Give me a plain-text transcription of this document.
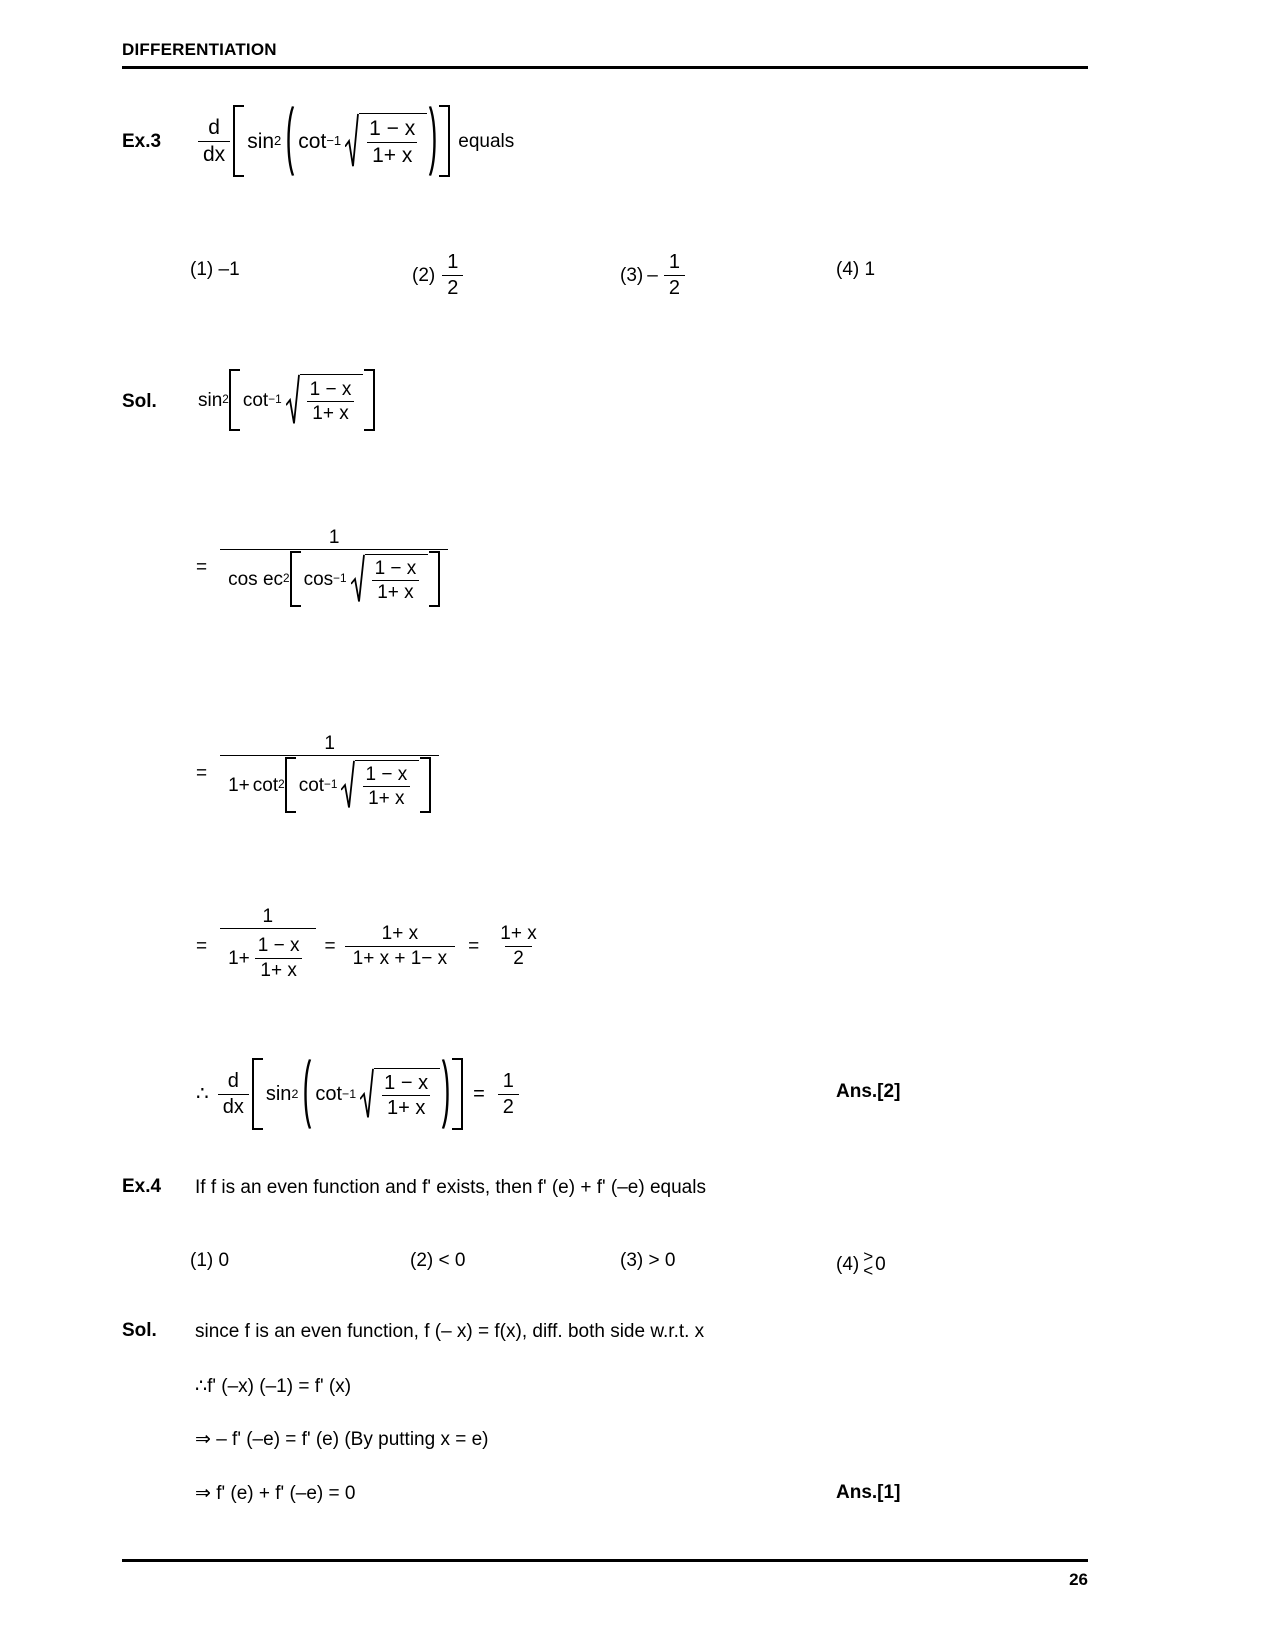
DIFFERENTIATION
$Ex.3 \frac{d}{dx}$ sin 2 $\cot -1 \frac{1 - x}{1+ x}$ equals
(1) –1	$(2) \frac{1}{2}$	$(3) - \frac{1}{2}$	(4) 1
Sol. sin 2 $\cot -1 \frac{1 - x}{1+ x}$
=
1
cos ec 2 $\cos -1 \frac{1 - x}{1+ x}$
=
1
1+ cot 2 $\cot -1 \frac{1 - x}{1+ x}$
= $\frac{1}{1+ \frac{1 - x}{1+ x}} = \frac{1+ x}{1+ x + 1- x} = \frac{1+ x}{2}$
∴ $\frac{d}{dx}$ sin 2 $\cot -1 \frac{1 - x}{1+ x} = \frac{1}{2}$	Ans.[2]
Ex.4 If f is an even function and f' exists, then f' (e) + f' (–e) equals
(1) 0	(2) < 0	(3) > 0	(4) >
< 0
Sol. since f is an even function, f (– x) = f(x), diff. both side w.r.t. x
∴f' (–x) (–1) = f' (x)
⇒ – f' (–e) = f' (e) (By putting x = e)
⇒ f' (e) + f' (–e) = 0	Ans.[1]
26
